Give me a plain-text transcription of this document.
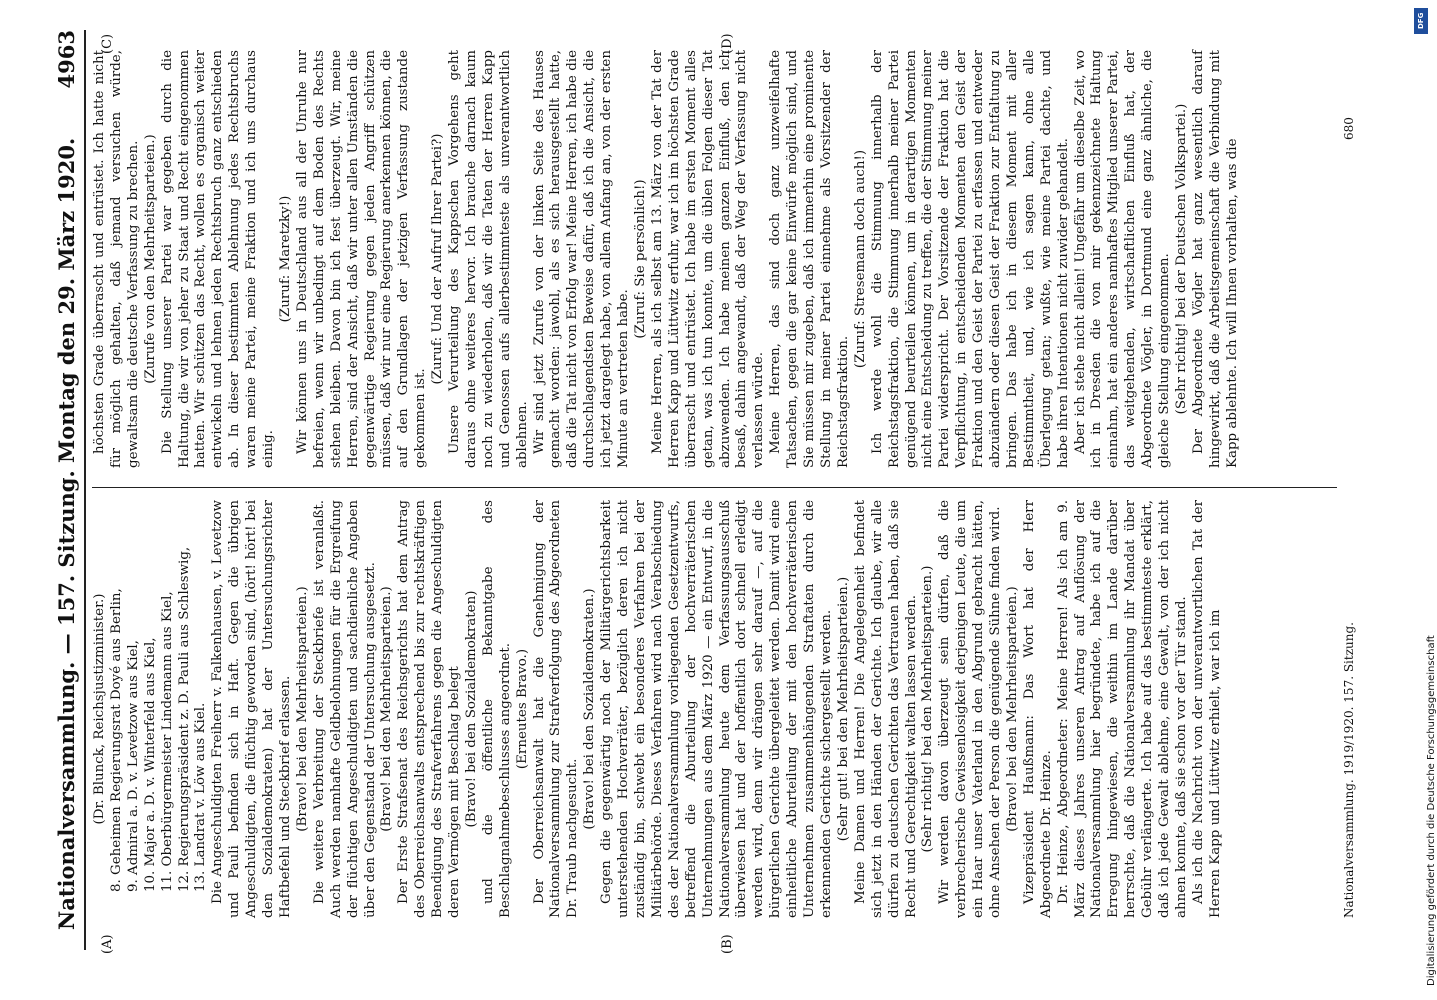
Nationalversammlung. — 157. Sitzung. Montag den 29. März 1920.
4963
(A)	(B)
(C)	(D)

(Dr. Blunck, Reichsjustizminister.) 8. Geheimen Regierungsrat Doyé aus Berlin, 9. Admiral a. D. v. Levetzow aus Kiel, 10. Major a. D. v. Winterfeld aus Kiel, 11. Oberbürgermeister Lindemann aus Kiel, 12. Regierungspräsident z. D. Pauli aus Schleswig, 13. Landrat v. Löw aus Kiel. Die Angeschuldigten Freiherr v. Falkenhausen, v. Levetzow und Pauli befinden sich in Haft. Gegen die übrigen Angeschuldigten, die flüchtig geworden sind, (hört! hört! bei den Sozialdemokraten) hat der Untersuchungsrichter Haftbefehl und Steckbrief erlassen. (Bravo! bei den Mehrheitsparteien.) Die weitere Verbreitung der Steckbriefe ist veranlaßt. Auch werden namhafte Geldbelohnungen für die Ergreifung der flüchtigen Angeschuldigten und sachdienliche Angaben über den Gegenstand der Untersuchung ausgesetzt. (Bravo! bei den Mehrheitsparteien.) Der Erste Strafsenat des Reichsgerichts hat dem Antrag des Oberreichsanwalts entsprechend bis zur rechtskräftigen Beendigung des Strafverfahrens gegen die Angeschuldigten deren Vermögen mit Beschlag belegt (Bravo! bei den Sozialdemokraten) und die öffentliche Bekanntgabe des Beschlagnahmebeschlusses angeordnet. (Erneutes Bravo.) Der Oberreichsanwalt hat die Genehmigung der Nationalversammlung zur Strafverfolgung des Abgeordneten Dr. Traub nachgesucht.

(Bravo! bei den Sozialdemokraten.) Gegen die gegenwärtig noch der Militärgerichtsbarkeit unterstehenden Hochverräter, bezüglich deren ich nicht zuständig bin, schwebt ein besonderes Verfahren bei der Militärbehörde. Dieses Verfahren wird nach Verabschiedung des der Nationalversammlung vorliegenden Gesetzentwurfs, betreffend die Aburteilung der hochverräterischen Unternehmungen aus dem März 1920 — ein Entwurf, in die Nationalversammlung heute dem Verfassungsausschuß überwiesen hat und der hoffentlich dort schnell erledigt werden wird, denn wir drängen sehr darauf —, auf die bürgerlichen Gerichte übergeleitet werden. Damit wird eine einheitliche Aburteilung der mit den hochverräterischen Unternehmen zusammenhängenden Straftaten durch die erkennenden Gerichte sichergestellt werden. (Sehr gut! bei den Mehrheitsparteien.) Meine Damen und Herren! Die Angelegenheit befindet sich jetzt in den Händen der Gerichte. Ich glaube, wir alle dürfen zu deutschen Gerichten das Vertrauen haben, daß sie Recht und Gerechtigkeit walten lassen werden. (Sehr richtig! bei den Mehrheitsparteien.) Wir werden davon überzeugt sein dürfen, daß die verbrecherische Gewissenlosigkeit derjenigen Leute, die um ein Haar unser Vaterland in den Abgrund gebracht hätten, ohne Ansehen der Person die genügende Sühne finden wird. (Bravo! bei den Mehrheitsparteien.) Vizepräsident Haußmann: Das Wort hat der Herr Abgeordnete Dr. Heinze. Dr. Heinze, Abgeordneter: Meine Herren! Als ich am 9. März dieses Jahres unseren Antrag auf Auflösung der Nationalversammlung hier begründete, habe ich auf die Erregung hingewiesen, die weithin im Lande darüber herrschte, daß die Nationalversammlung ihr Mandat über Gebühr verlängerte. Ich habe auf das bestimmteste erklärt, daß ich jede Gewalt ablehne, eine Gewalt, von der ich nicht ahnen konnte, daß sie schon vor der Tür stand. Als ich die Nachricht von der unverantwortlichen Tat der Herren Kapp und Lüttwitz erhielt, war ich im

höchsten Grade überrascht und entrüstet. Ich hatte nicht für möglich gehalten, daß jemand versuchen würde, gewaltsam die deutsche Verfassung zu brechen. (Zurufe von den Mehrheitsparteien.) Die Stellung unserer Partei war gegeben durch die Haltung, die wir von jeher zu Staat und Recht eingenommen hatten. Wir schützen das Recht, wollen es organisch weiter entwickeln und lehnen jeden Rechtsbruch ganz entschieden ab. In dieser bestimmten Ablehnung jedes Rechtsbruchs waren meine Partei, meine Fraktion und ich uns durchaus einig.

(Zuruf: Maretzky!) Wir können uns in Deutschland aus all der Unruhe nur befreien, wenn wir unbedingt auf dem Boden des Rechts stehen bleiben. Davon bin ich fest überzeugt. Wir, meine Herren, sind der Ansicht, daß wir unter allen Umständen die gegenwärtige Regierung gegen jeden Angriff schützen müssen, daß wir nur eine Regierung anerkennen können, die auf den Grundlagen der jetzigen Verfassung zustande gekommen ist.

(Zuruf: Und der Aufruf Ihrer Partei?) Unsere Verurteilung des Kappschen Vorgehens geht daraus ohne weiteres hervor. Ich brauche darnach kaum noch zu wiederholen, daß wir die Taten der Herren Kapp und Genossen aufs allerbestimmteste als unverantwortlich ablehnen. Wir sind jetzt Zurufe von der linken Seite des Hauses gemacht worden: jawohl, als es sich herausgestellt hatte, daß die Tat nicht von Erfolg war! Meine Herren, ich habe die durchschlagendsten Beweise dafür, daß ich die Ansicht, die ich jetzt dargelegt habe, von allem Anfang an, von der ersten Minute an vertreten habe.

(Zuruf: Sie persönlich!) Meine Herren, als ich selbst am 13. März von der Tat der Herren Kapp und Lüttwitz erfuhr, war ich im höchsten Grade überrascht und entrüstet. Ich habe im ersten Moment alles getan, was ich tun konnte, um die üblen Folgen dieser Tat abzuwenden. Ich habe meinen ganzen Einfluß, den ich besaß, dahin angewandt, daß der Weg der Verfassung nicht verlassen würde. Meine Herren, das sind doch ganz unzweifelhafte Tatsachen, gegen die gar keine Einwürfe möglich sind, und Sie müssen mir zugeben, daß ich immerhin eine prominente Stellung in meiner Partei einnehme als Vorsitzender der Reichstagsfraktion.

(Zuruf: Stresemann doch auch!) Ich werde wohl die Stimmung innerhalb der Reichstagsfraktion, die Stimmung innerhalb meiner Partei genügend beurteilen können, um in derartigen Momenten nicht eine Entscheidung zu treffen, die der Stimmung meiner Partei widerspricht. Der Vorsitzende der Fraktion hat die Verpflichtung, in entscheidenden Momenten den Geist der Fraktion und den Geist der Partei zu erfassen und entweder abzuändern oder diesen Geist der Fraktion zur Entfaltung zu bringen. Das habe ich in diesem Moment mit aller Bestimmtheit, und, wie ich sagen kann, ohne alle Überlegung getan; wußte, wie meine Partei dachte, und habe ihren Intentionen nicht zuwider gehandelt. Aber ich stehe nicht allein! Ungefähr um dieselbe Zeit, wo ich in Dresden die von mir gekennzeichnete Haltung einnahm, hat ein anderes namhaftes Mitglied unserer Partei, das weitgehenden, wirtschaftlichen Einfluß hat, der Abgeordnete Vögler, in Dortmund eine ganz ähnliche, die gleiche Stellung eingenommen. (Sehr richtig! bei der Deutschen Volkspartei.) Der Abgeordnete Vögler hat ganz wesentlich darauf hingewirkt, daß die Arbeitsgemeinschaft die Verbindung mit Kapp ablehnte. Ich will Ihnen vorhalten, was die

Nationalversammlung. 1919/1920. 157. Sitzung.
680
DFG
Digitalisierung gefördert durch die Deutsche Forschungsgemeinschaft
